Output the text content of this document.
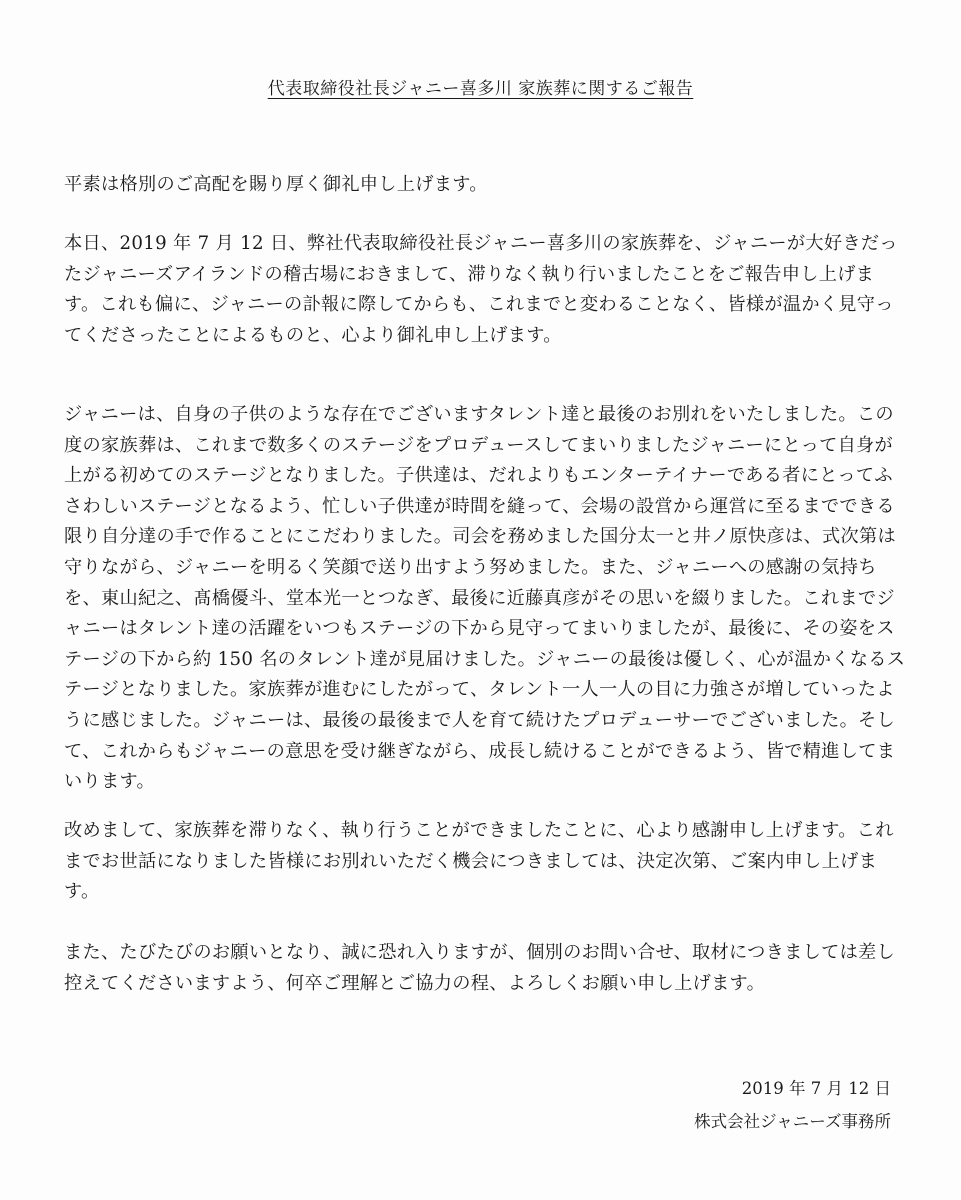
代表取締役社長ジャニー喜多川 家族葬に関するご報告

平素は格別のご高配を賜り厚く御礼申し上げます。

本日、2019 年 7 月 12 日、弊社代表取締役社長ジャニー喜多川の家族葬を、ジャニーが大好きだったジャニーズアイランドの稽古場におきまして、滞りなく執り行いましたことをご報告申し上げます。これも偏に、ジャニーの訃報に際してからも、これまでと変わることなく、皆様が温かく見守ってくださったことによるものと、心より御礼申し上げます。

ジャニーは、自身の子供のような存在でございますタレント達と最後のお別れをいたしました。この度の家族葬は、これまで数多くのステージをプロデュースしてまいりましたジャニーにとって自身が上がる初めてのステージとなりました。子供達は、だれよりもエンターテイナーである者にとってふさわしいステージとなるよう、忙しい子供達が時間を縫って、会場の設営から運営に至るまでできる限り自分達の手で作ることにこだわりました。司会を務めました国分太一と井ノ原快彦は、式次第は守りながら、ジャニーを明るく笑顔で送り出すよう努めました。また、ジャニーへの感謝の気持ちを、東山紀之、髙橋優斗、堂本光一とつなぎ、最後に近藤真彦がその思いを綴りました。これまでジャニーはタレント達の活躍をいつもステージの下から見守ってまいりましたが、最後に、その姿をステージの下から約 150 名のタレント達が見届けました。ジャニーの最後は優しく、心が温かくなるステージとなりました。家族葬が進むにしたがって、タレント一人一人の目に力強さが増していったように感じました。ジャニーは、最後の最後まで人を育て続けたプロデューサーでございました。そして、これからもジャニーの意思を受け継ぎながら、成長し続けることができるよう、皆で精進してまいります。

改めまして、家族葬を滞りなく、執り行うことができましたことに、心より感謝申し上げます。これまでお世話になりました皆様にお別れいただく機会につきましては、決定次第、ご案内申し上げます。

また、たびたびのお願いとなり、誠に恐れ入りますが、個別のお問い合せ、取材につきましては差し控えてくださいますよう、何卒ご理解とご協力の程、よろしくお願い申し上げます。

2019 年 7 月 12 日
株式会社ジャニーズ事務所
